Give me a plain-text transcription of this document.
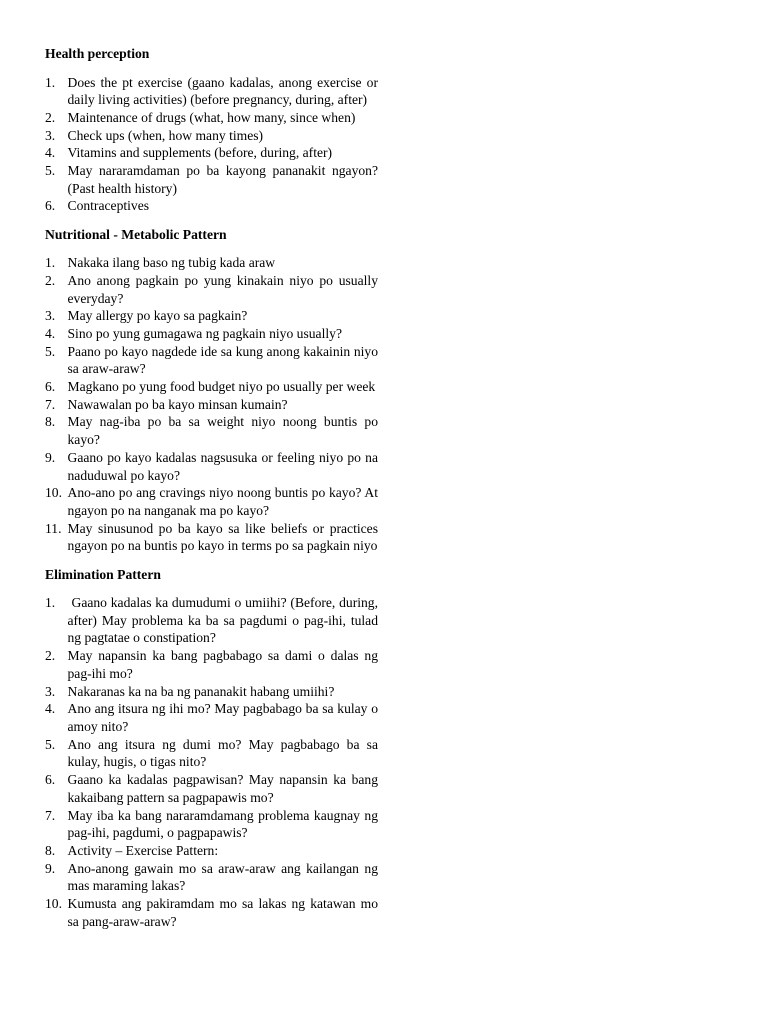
Health perception
1. Does the pt exercise (gaano kadalas, anong exercise or daily living activities) (before pregnancy, during, after)
2. Maintenance of drugs (what, how many, since when)
3. Check ups (when, how many times)
4. Vitamins and supplements (before, during, after)
5. May nararamdaman po ba kayong pananakit ngayon? (Past health history)
6. Contraceptives
Nutritional - Metabolic Pattern
1. Nakaka ilang baso ng tubig kada araw
2. Ano anong pagkain po yung kinakain niyo po usually everyday?
3. May allergy po kayo sa pagkain?
4. Sino po yung gumagawa ng pagkain niyo usually?
5. Paano po kayo nagdede ide sa kung anong kakainin niyo sa araw-araw?
6. Magkano po yung food budget niyo po usually per week
7. Nawawalan po ba kayo minsan kumain?
8. May nag-iba po ba sa weight niyo noong buntis po kayo?
9. Gaano po kayo kadalas nagsusuka or feeling niyo po na naduduwal po kayo?
10. Ano-ano po ang cravings niyo noong buntis po kayo? At ngayon po na nanganak ma po kayo?
11. May sinusunod po ba kayo sa like beliefs or practices ngayon po na buntis po kayo in terms po sa pagkain niyo
Elimination Pattern
1. Gaano kadalas ka dumudumi o umiihi? (Before, during, after) May problema ka ba sa pagdumi o pag-ihi, tulad ng pagtatae o constipation?
2. May napansin ka bang pagbabago sa dami o dalas ng pag-ihi mo?
3. Nakaranas ka na ba ng pananakit habang umiihi?
4. Ano ang itsura ng ihi mo? May pagbabago ba sa kulay o amoy nito?
5. Ano ang itsura ng dumi mo? May pagbabago ba sa kulay, hugis, o tigas nito?
6. Gaano ka kadalas pagpawisan? May napansin ka bang kakaibang pattern sa pagpapawis mo?
7. May iba ka bang nararamdamang problema kaugnay ng pag-ihi, pagdumi, o pagpapawis?
8. Activity – Exercise Pattern:
9. Ano-anong gawain mo sa araw-araw ang kailangan ng mas maraming lakas?
10. Kumusta ang pakiramdam mo sa lakas ng katawan mo sa pang-araw-araw?
